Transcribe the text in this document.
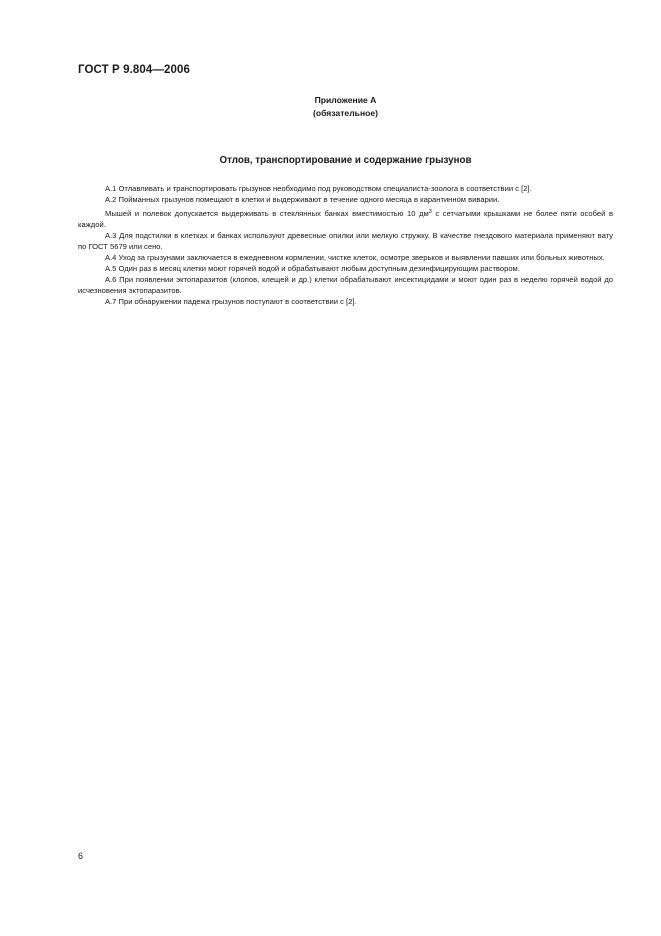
ГОСТ Р 9.804—2006
Приложение А
(обязательное)
Отлов, транспортирование и содержание грызунов

А.1 Отлавливать и транспортировать грызунов необходимо под руководством специалиста-зоолога в соответствии с [2].

А.2 Пойманных грызунов помещают в клетки и выдерживают в течение одного месяца в карантинном виварии.

Мышей и полевок допускается выдерживать в стеклянных банках вместимостью 10 $дм^3$ с сетчатыми крышками не более пяти особей в каждой.

А.3 Для подстилки в клетках и банках используют древесные опилки или мелкую стружку. В качестве гнездового материала применяют вату по ГОСТ 5679 или сено.

А.4 Уход за грызунами заключается в ежедневном кормлении, чистке клеток, осмотре зверьков и выявлении павших или больных животных.

А.5 Один раз в месяц клетки моют горячей водой и обрабатывают любым доступным дезинфицирующим раствором.

А.6 При появлении эктопаразитов (клопов, клещей и др.) клетки обрабатывают инсектицидами и моют один раз в неделю горячей водой до исчезновения эктопаразитов.

А.7 При обнаружении падежа грызунов поступают в соответствии с [2].

6
